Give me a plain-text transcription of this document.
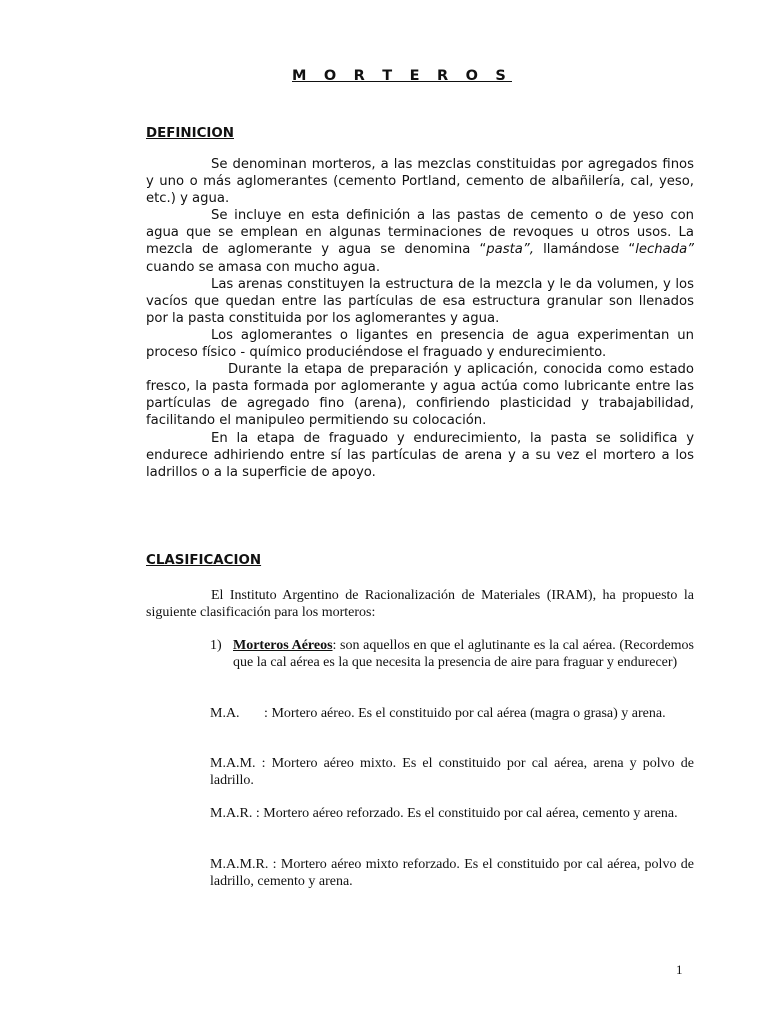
M O R T E R O S
DEFINICION

Se denominan morteros, a las mezclas constituidas por agregados finos y uno o más aglomerantes (cemento Portland, cemento de albañilería, cal, yeso, etc.) y agua.

Se incluye en esta definición a las pastas de cemento o de yeso con agua que se emplean en algunas terminaciones de revoques u otros usos. La mezcla de aglomerante y agua se denomina “pasta”, llamándose “lechada” cuando se amasa con mucho agua.

Las arenas constituyen la estructura de la mezcla y le da volumen, y los vacíos que quedan entre las partículas de esa estructura granular son llenados por la pasta constituida por los aglomerantes y agua.

Los aglomerantes o ligantes en presencia de agua experimentan un proceso físico - químico produciéndose el fraguado y endurecimiento.

Durante la etapa de preparación y aplicación, conocida como estado fresco, la pasta formada por aglomerante y agua actúa como lubricante entre las partículas de agregado fino (arena), confiriendo plasticidad y trabajabilidad, facilitando el manipuleo permitiendo su colocación.

En la etapa de fraguado y endurecimiento, la pasta se solidifica y endurece adhiriendo entre sí las partículas de arena y a su vez el mortero a los ladrillos o a la superficie de apoyo.

CLASIFICACION

El Instituto Argentino de Racionalización de Materiales (IRAM), ha propuesto la siguiente clasificación para los morteros:

1) Morteros Aéreos: son aquellos en que el aglutinante es la cal aérea. (Recordemos que la cal aérea es la que necesita la presencia de aire para fraguar y endurecer)

M.A.       : Mortero aéreo. Es el constituido por cal aérea (magra o grasa) y arena.

M.A.M. : Mortero aéreo mixto. Es el constituido por cal aérea, arena y polvo de ladrillo.

M.A.R. : Mortero aéreo reforzado. Es el constituido por cal aérea, cemento y arena.

M.A.M.R. : Mortero aéreo mixto reforzado. Es el constituido por cal aérea, polvo de ladrillo, cemento y arena.

1
